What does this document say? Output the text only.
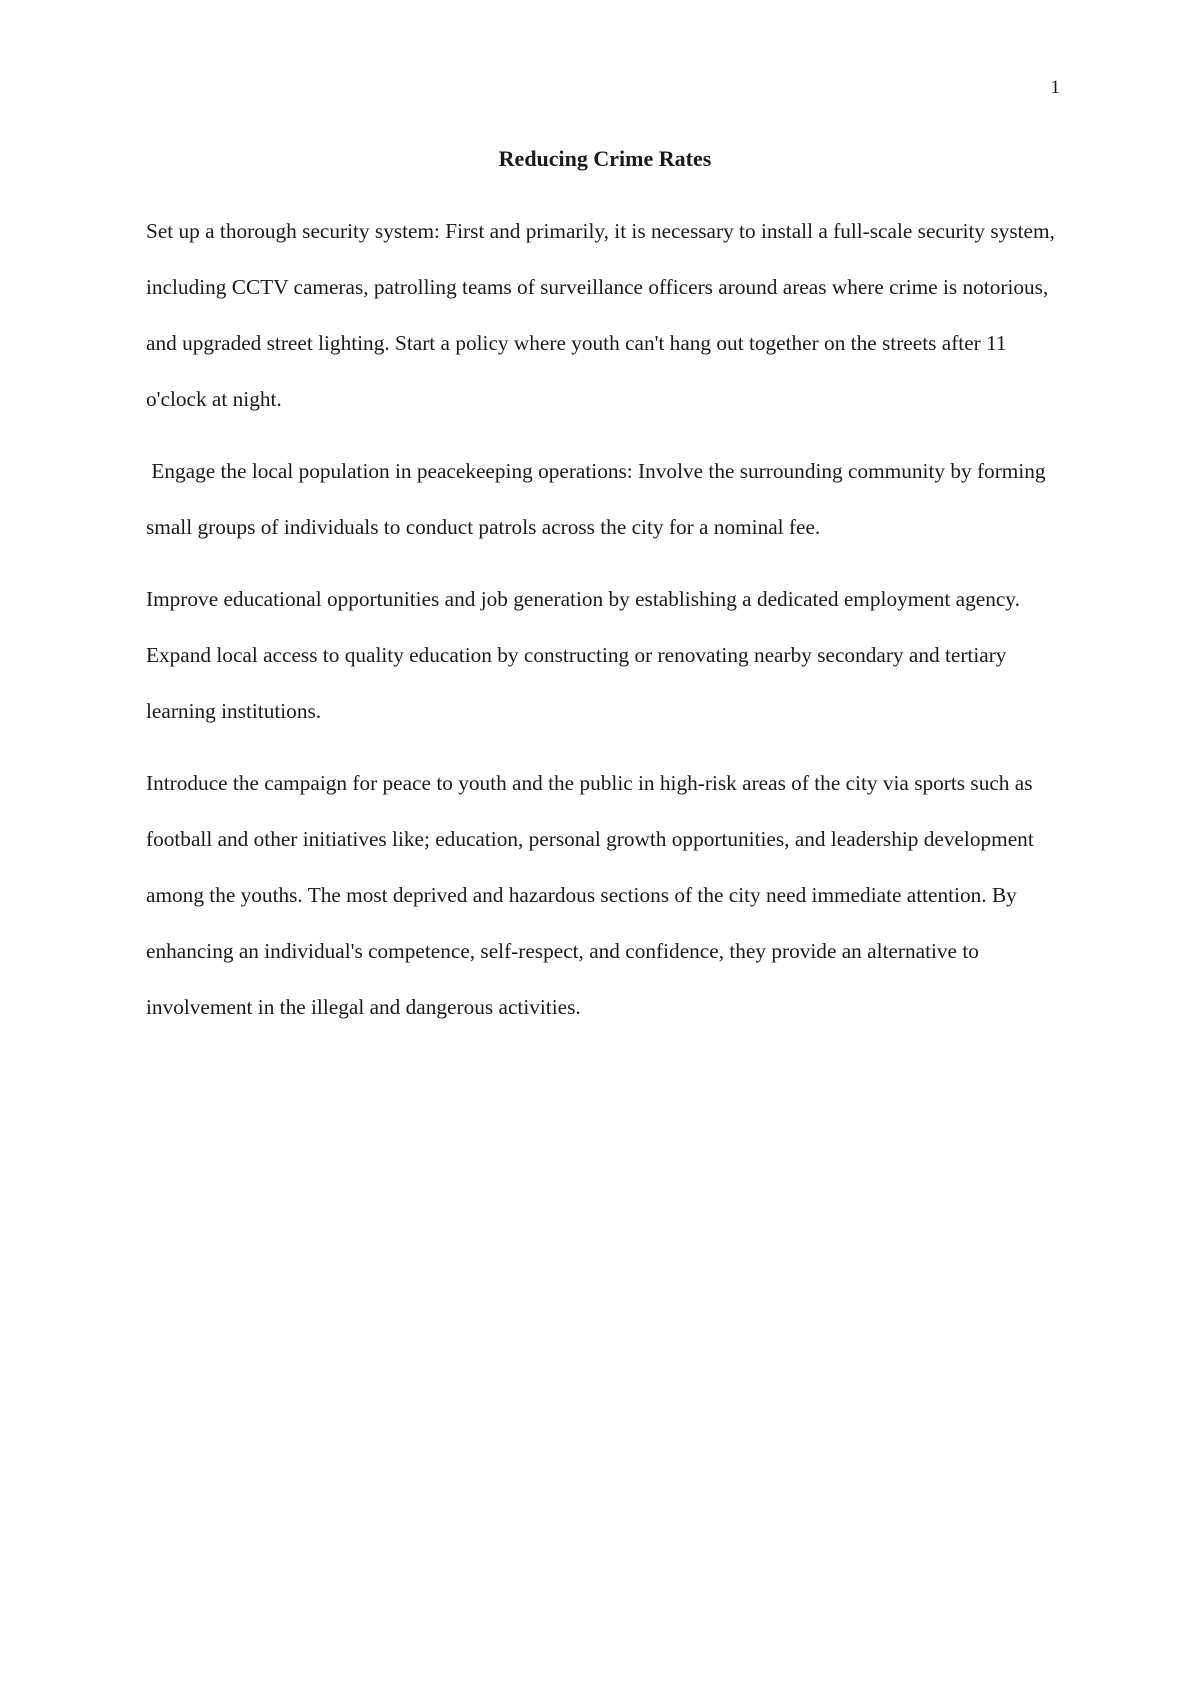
1
Reducing Crime Rates

Set up a thorough security system: First and primarily, it is necessary to install a full-scale security system, including CCTV cameras, patrolling teams of surveillance officers around areas where crime is notorious, and upgraded street lighting. Start a policy where youth can't hang out together on the streets after 11 o'clock at night.

Engage the local population in peacekeeping operations: Involve the surrounding community by forming small groups of individuals to conduct patrols across the city for a nominal fee.

Improve educational opportunities and job generation by establishing a dedicated employment agency. Expand local access to quality education by constructing or renovating nearby secondary and tertiary learning institutions.

Introduce the campaign for peace to youth and the public in high-risk areas of the city via sports such as football and other initiatives like; education, personal growth opportunities, and leadership development among the youths. The most deprived and hazardous sections of the city need immediate attention. By enhancing an individual's competence, self-respect, and confidence, they provide an alternative to involvement in the illegal and dangerous activities.
